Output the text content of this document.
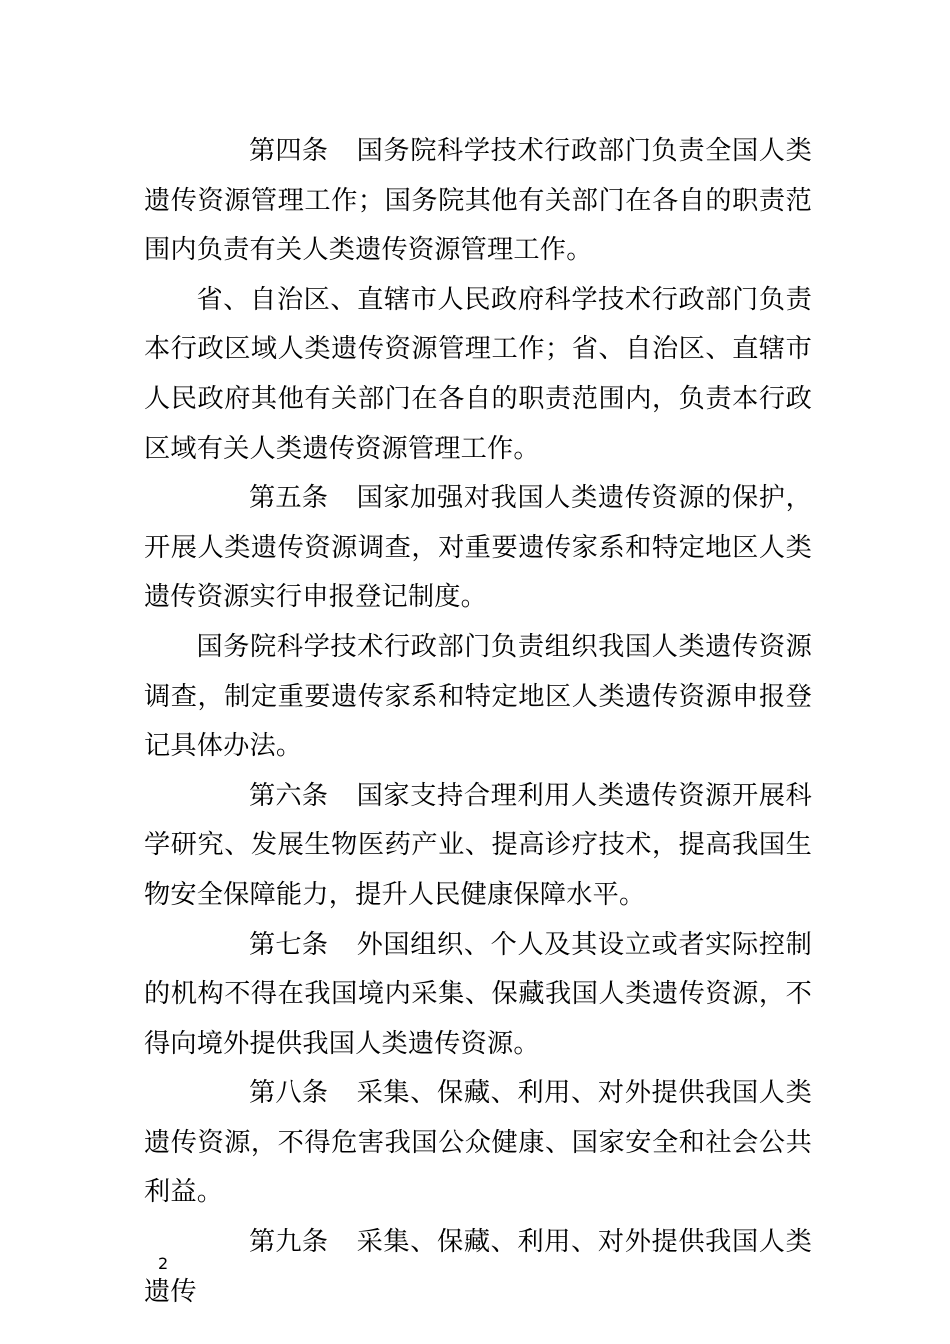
第四条 国务院科学技术行政部门负责全国人类遗传资源管理工作；国务院其他有关部门在各自的职责范围内负责有关人类遗传资源管理工作。

省、自治区、直辖市人民政府科学技术行政部门负责本行政区域人类遗传资源管理工作；省、自治区、直辖市人民政府其他有关部门在各自的职责范围内，负责本行政区域有关人类遗传资源管理工作。

第五条 国家加强对我国人类遗传资源的保护，开展人类遗传资源调查，对重要遗传家系和特定地区人类遗传资源实行申报登记制度。

国务院科学技术行政部门负责组织我国人类遗传资源调查，制定重要遗传家系和特定地区人类遗传资源申报登记具体办法。

第六条 国家支持合理利用人类遗传资源开展科学研究、发展生物医药产业、提高诊疗技术，提高我国生物安全保障能力，提升人民健康保障水平。

第七条 外国组织、个人及其设立或者实际控制的机构不得在我国境内采集、保藏我国人类遗传资源，不得向境外提供我国人类遗传资源。

第八条 采集、保藏、利用、对外提供我国人类遗传资源，不得危害我国公众健康、国家安全和社会公共利益。

第九条 采集、保藏、利用、对外提供我国人类遗传

2
